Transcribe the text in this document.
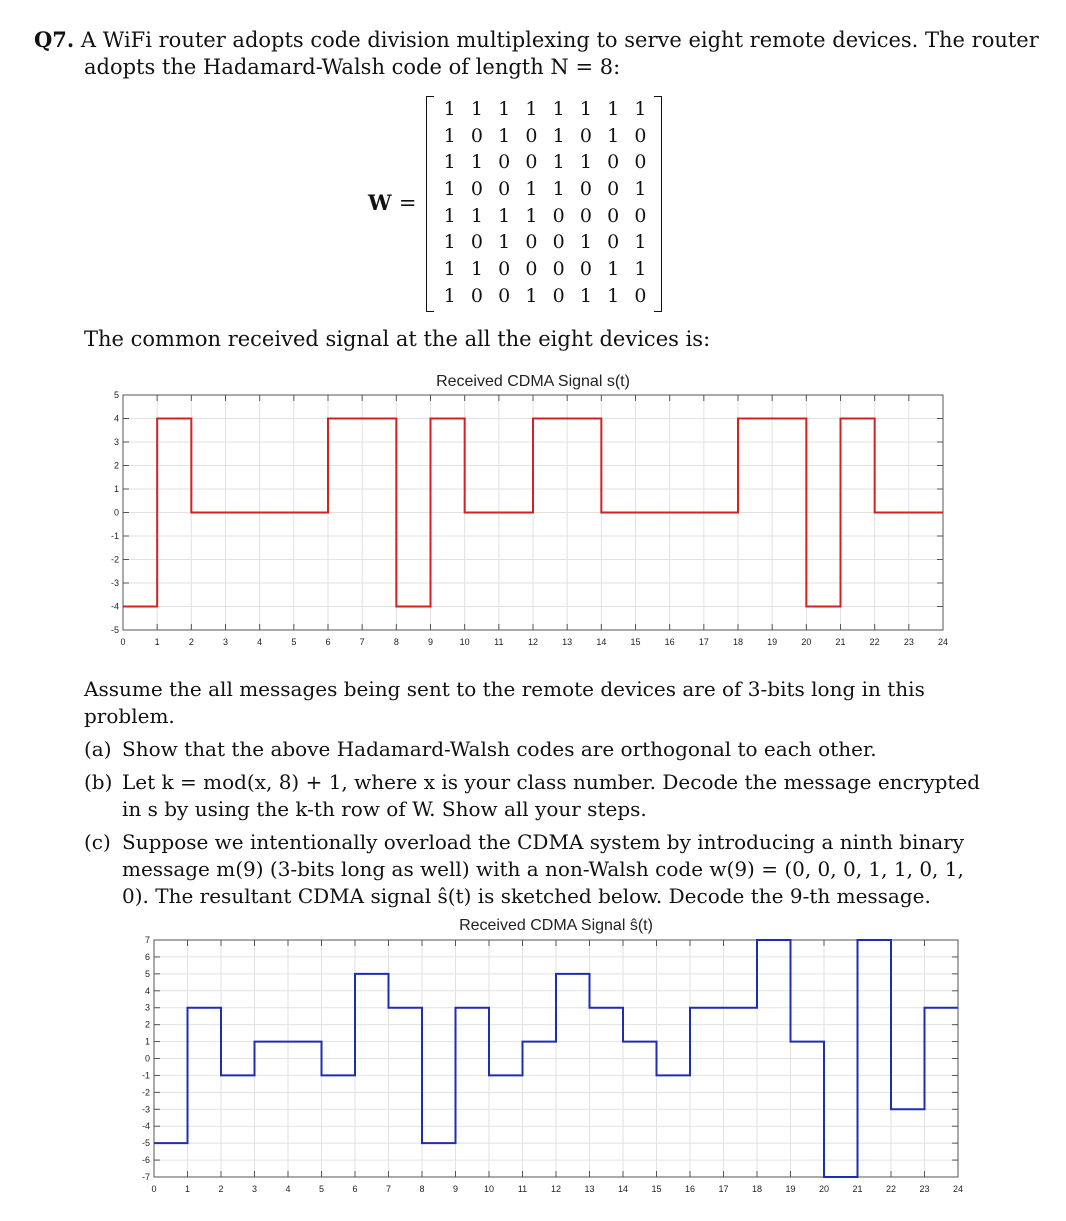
Q7. A WiFi router adopts code division multiplexing to serve eight remote devices. The router
adopts the Hadamard-Walsh code of length N = 8:
W =
1 1 1 1 1 1 1 1
1 0 1 0 1 0 1 0
1 1 0 0 1 1 0 0
1 0 0 1 1 0 0 1
1 1 1 1 0 0 0 0
1 0 1 0 0 1 0 1
1 1 0 0 0 0 1 1
1 0 0 1 0 1 1 0
The common received signal at the all the eight devices is:
0	1	2	3	4	5	6	7	8	9	10	11	12	13	14	15	16	17	18	19	20	21	22	23	24
5
4
3
2
1
0
-1
-2
-3
-4
-5
Received CDMA Signal s(t)
0	1	2	3	4	5	6	7	8	9	10	11	12	13	14	15	16	17	18	19	20	21	22	23	24
7
6
5
4
3
2
1
0
-1
-2
-3
-4
-5
-6
-7
Received CDMA Signal ŝ(t)
Assume the all messages being sent to the remote devices are of 3-bits long in this problem.
(a) Show that the above Hadamard-Walsh codes are orthogonal to each other.
(b) Let k = mod(x, 8) + 1, where x is your class number. Decode the message encrypted in s by using the k-th row of W. Show all your steps.
(c) Suppose we intentionally overload the CDMA system by introducing a ninth binary message m(9) (3-bits long as well) with a non-Walsh code w(9) = (0, 0, 0, 1, 1, 0, 1, 0). The resultant CDMA signal ŝ(t) is sketched below. Decode the 9-th message.
